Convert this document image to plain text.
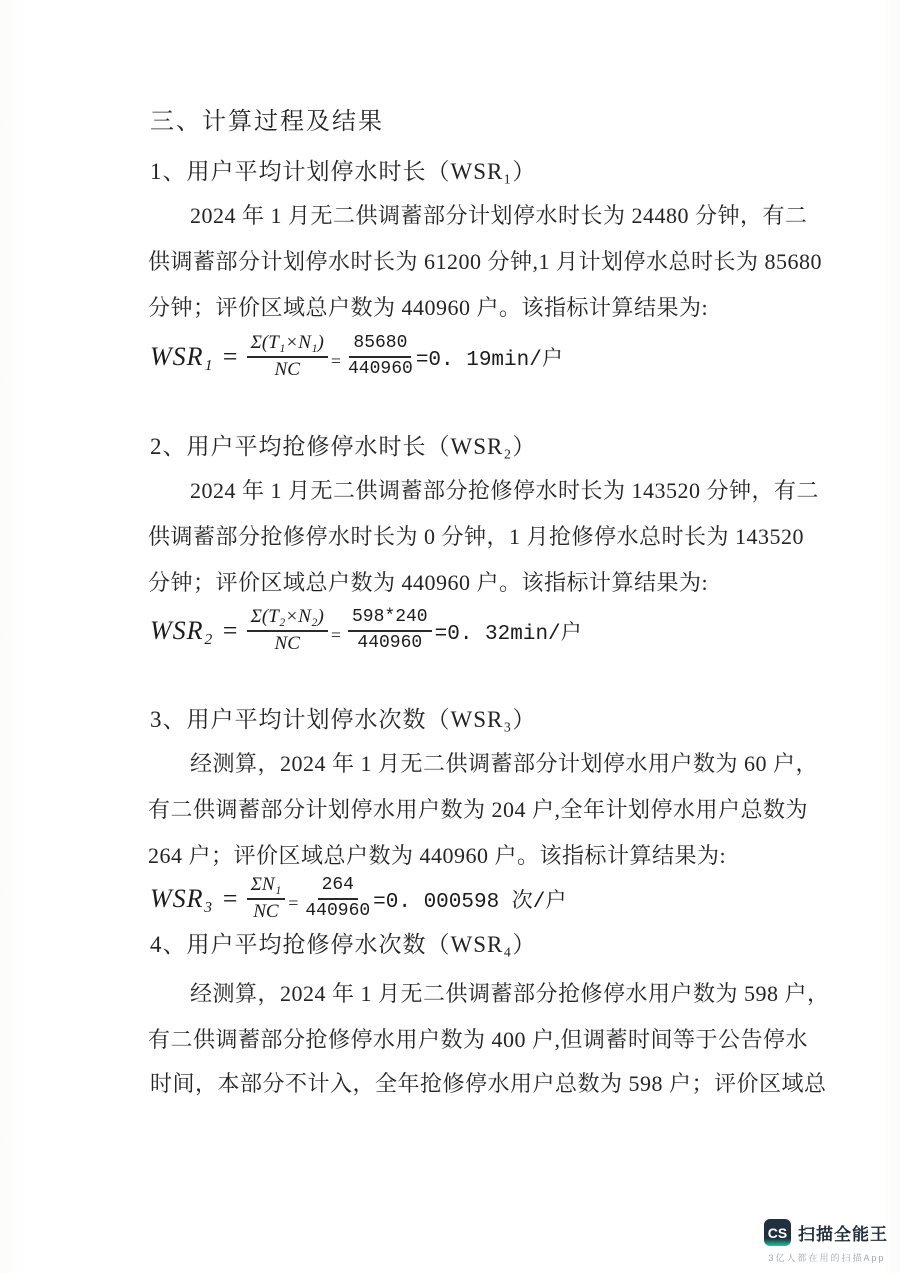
三、计算过程及结果
1、用户平均计划停水时长（WSR₁）
2024 年 1 月无二供调蓄部分计划停水时长为 24480 分钟，有二
供调蓄部分计划停水时长为 61200 分钟,1 月计划停水总时长为 85680
分钟；评价区域总户数为 440960 户。该指标计算结果为:
$WSR_1 = \frac{\text{Σ(T₁×N₁)}}{NC} = \frac{85680}{440960} =0$. 19min/户
2、用户平均抢修停水时长（WSR₂）
2024 年 1 月无二供调蓄部分抢修停水时长为 143520 分钟，有二
供调蓄部分抢修停水时长为 0 分钟，1 月抢修停水总时长为 143520
分钟；评价区域总户数为 440960 户。该指标计算结果为:
$WSR_2 = \frac{\text{Σ(T₂×N₂)}}{NC} = \frac{598*240}{440960} =0$. 32min/户
3、用户平均计划停水次数（WSR₃）
经测算，2024 年 1 月无二供调蓄部分计划停水用户数为 60 户，
有二供调蓄部分计划停水用户数为 204 户,全年计划停水用户总数为
264 户；评价区域总户数为 440960 户。该指标计算结果为:
$WSR_3 = \frac{\text{ΣN₁}}{NC} = \frac{264}{440960} =0$. 000598 次/户
4、用户平均抢修停水次数（WSR₄）
经测算，2024 年 1 月无二供调蓄部分抢修停水用户数为 598 户，
有二供调蓄部分抢修停水用户数为 400 户,但调蓄时间等于公告停水
时间，本部分不计入，全年抢修停水用户总数为 598 户；评价区域总
CS 扫描全能王
3亿人都在用的扫描App
